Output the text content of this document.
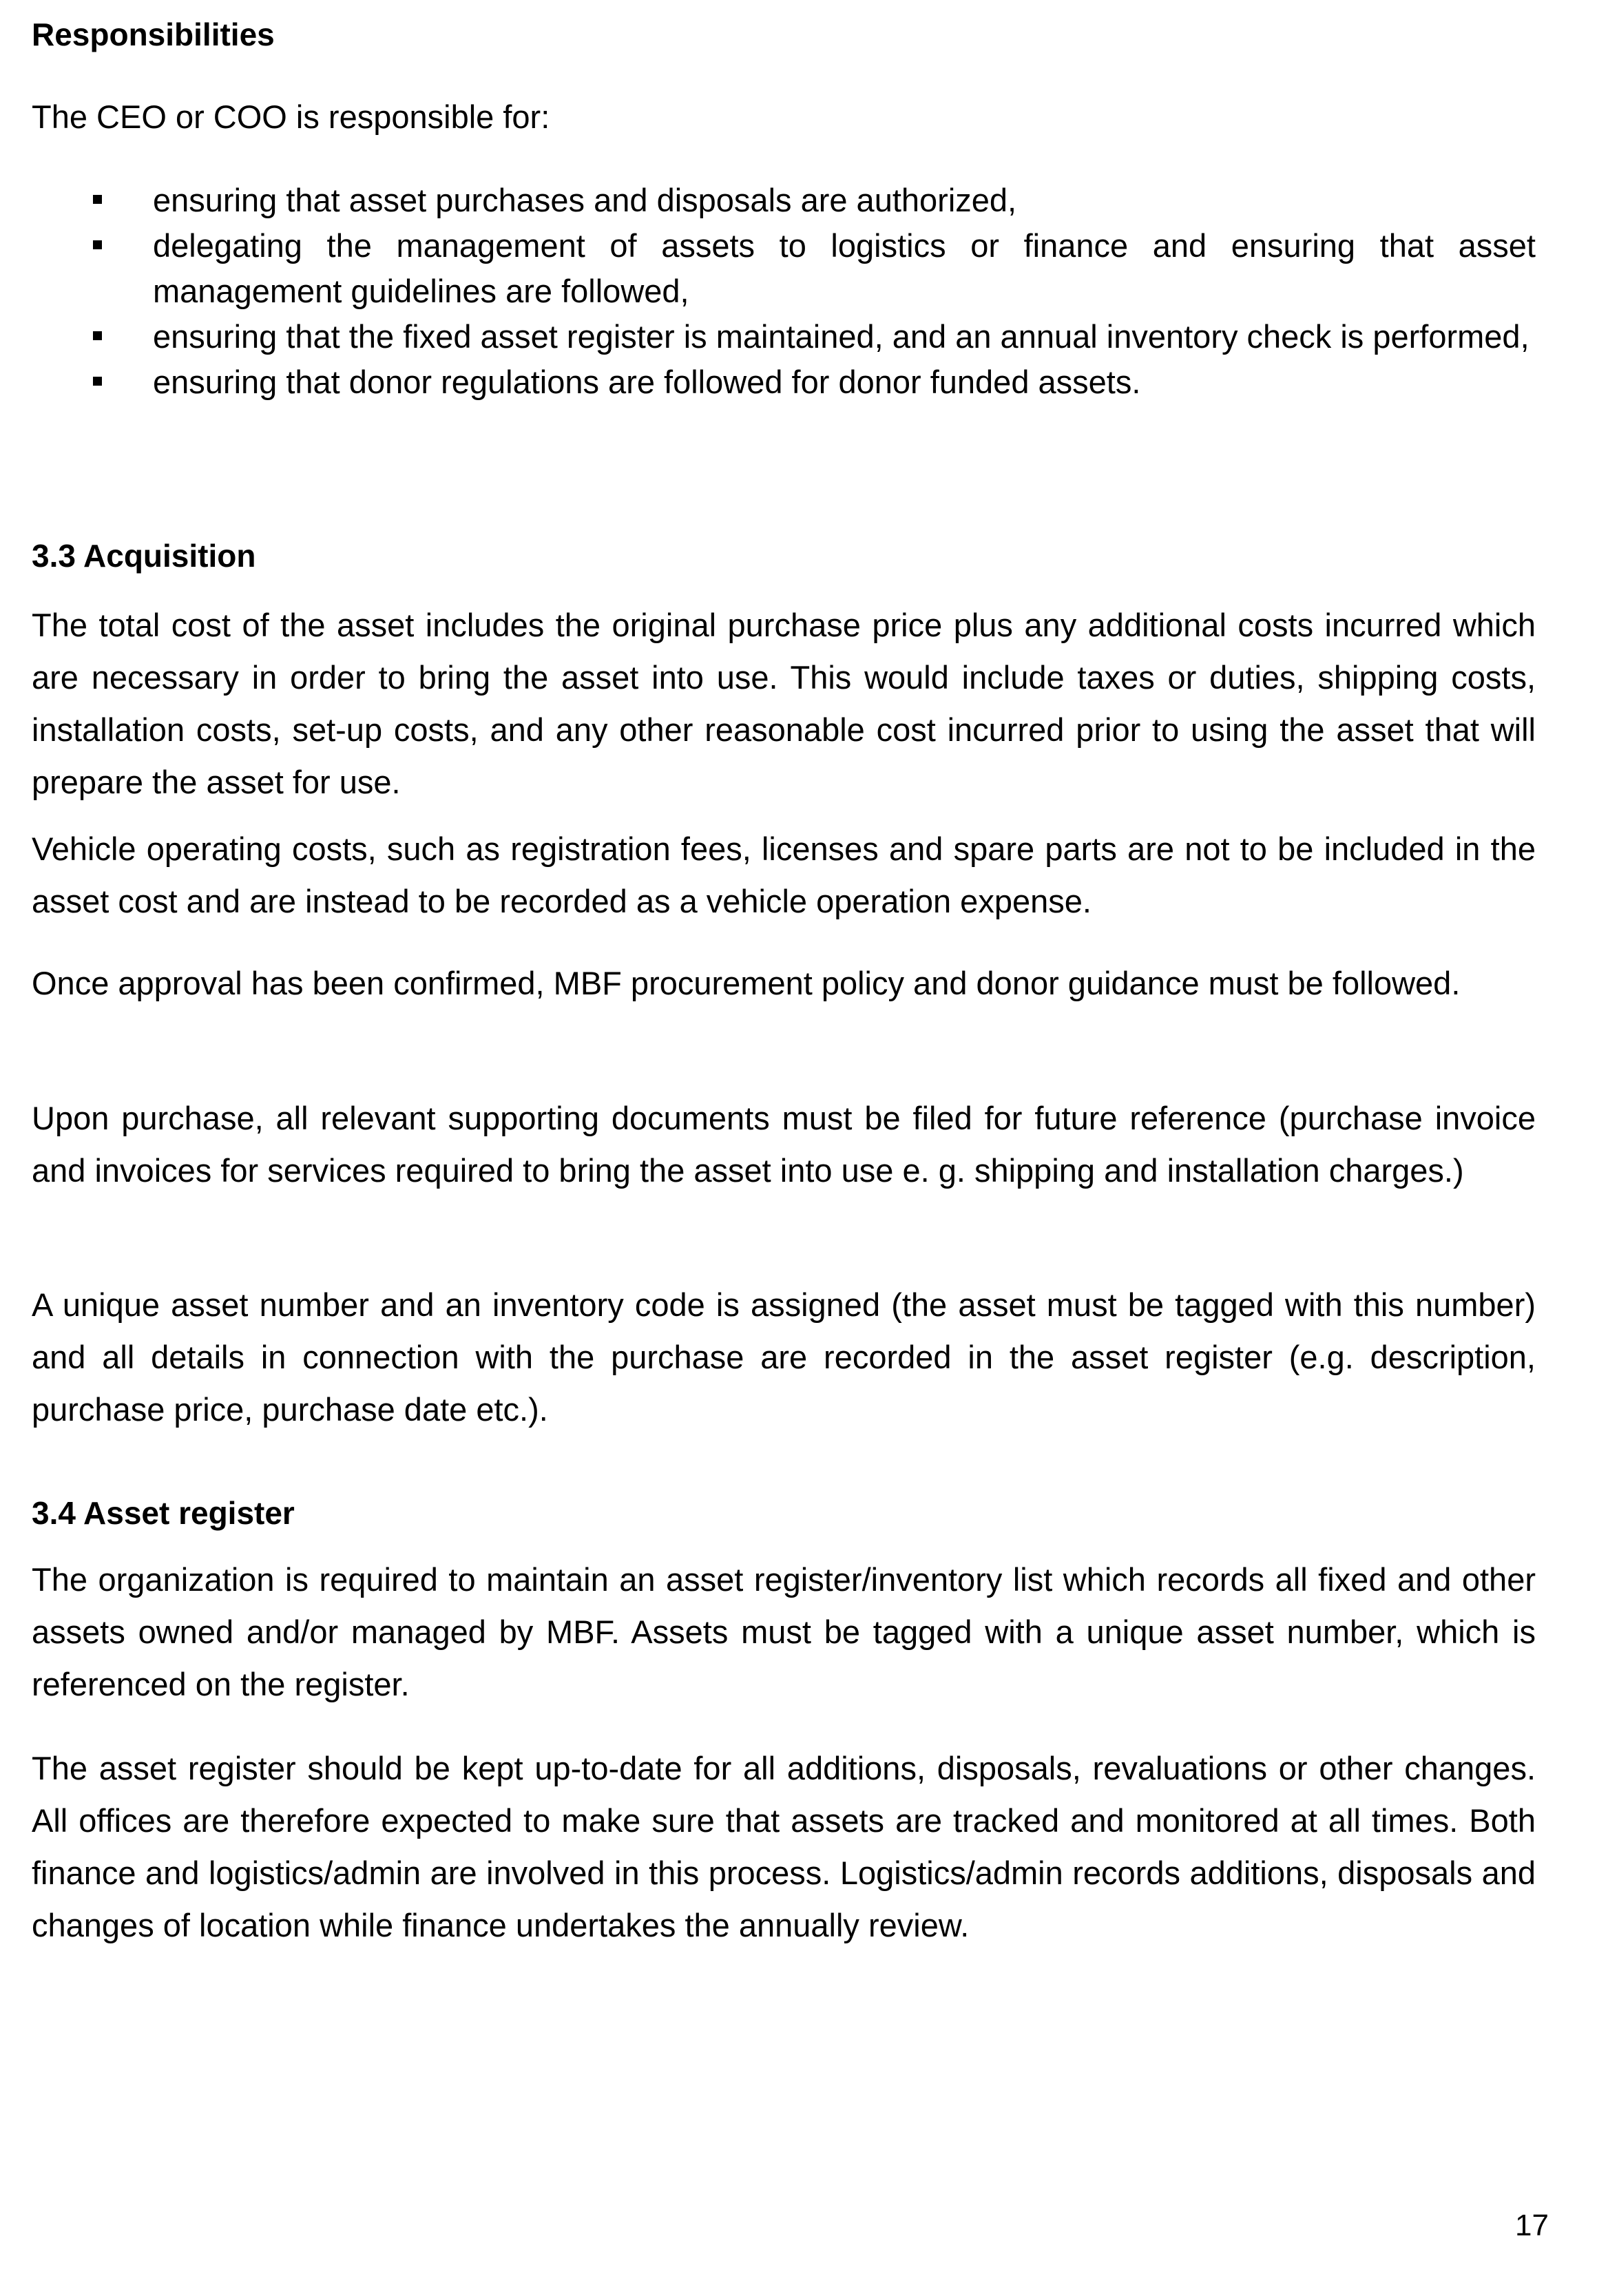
Responsibilities

The CEO or COO is responsible for:

ensuring that asset purchases and disposals are authorized,
delegating the management of assets to logistics or finance and ensuring that asset management guidelines are followed,
ensuring that the fixed asset register is maintained, and an annual inventory check is performed,
ensuring that donor regulations are followed for donor funded assets.
3.3 Acquisition

The total cost of the asset includes the original purchase price plus any additional costs incurred which are necessary in order to bring the asset into use. This would include taxes or duties, shipping costs, installation costs, set-up costs, and any other reasonable cost incurred prior to using the asset that will prepare the asset for use.

Vehicle operating costs, such as registration fees, licenses and spare parts are not to be included in the asset cost and are instead to be recorded as a vehicle operation expense.

Once approval has been confirmed, MBF procurement policy and donor guidance must be followed.

Upon purchase, all relevant supporting documents must be filed for future reference (purchase invoice and invoices for services required to bring the asset into use e. g. shipping and installation charges.)

A unique asset number and an inventory code is assigned (the asset must be tagged with this number) and all details in connection with the purchase are recorded in the asset register (e.g. description, purchase price, purchase date etc.).

3.4 Asset register

The organization is required to maintain an asset register/inventory list which records all fixed and other assets owned and/or managed by MBF. Assets must be tagged with a unique asset number, which is referenced on the register.

The asset register should be kept up-to-date for all additions, disposals, revaluations or other changes. All offices are therefore expected to make sure that assets are tracked and monitored at all times. Both finance and logistics/admin are involved in this process. Logistics/admin records additions, disposals and changes of location while finance undertakes the annually review.

17
